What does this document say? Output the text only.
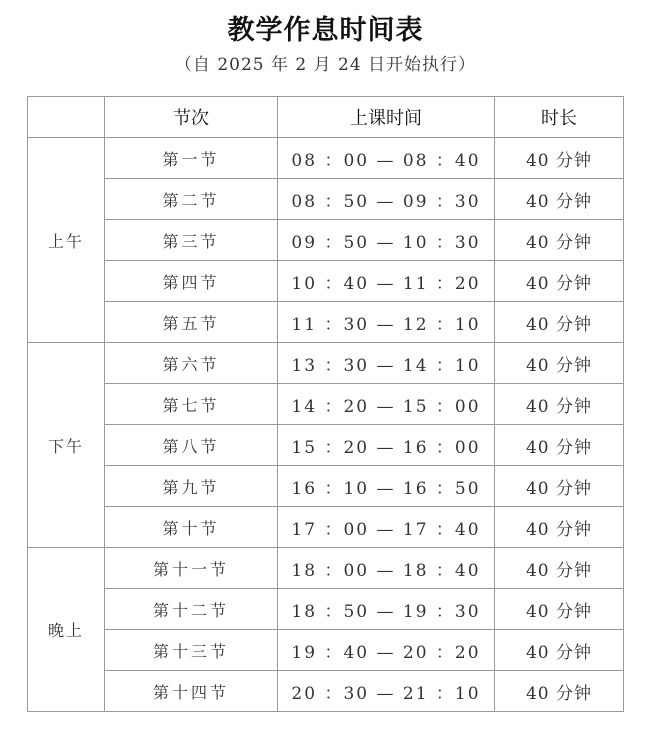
教学作息时间表
（自 2025 年 2 月 24 日开始执行）
	节次	上课时间	时长
上午	第一节	08 ：00 — 08 ：40	40 分钟
	第二节	08 ：50 — 09 ：30	40 分钟
	第三节	09 ：50 — 10 ：30	40 分钟
	第四节	10 ：40 — 11 ：20	40 分钟
	第五节	11 ：30 — 12 ：10	40 分钟
下午	第六节	13 ：30 — 14 ：10	40 分钟
	第七节	14 ：20 — 15 ：00	40 分钟
	第八节	15 ：20 — 16 ：00	40 分钟
	第九节	16 ：10 — 16 ：50	40 分钟
	第十节	17 ：00 — 17 ：40	40 分钟
晚上	第十一节	18 ：00 — 18 ：40	40 分钟
	第十二节	18 ：50 — 19 ：30	40 分钟
	第十三节	19 ：40 — 20 ：20	40 分钟
	第十四节	20 ：30 — 21 ：10	40 分钟
